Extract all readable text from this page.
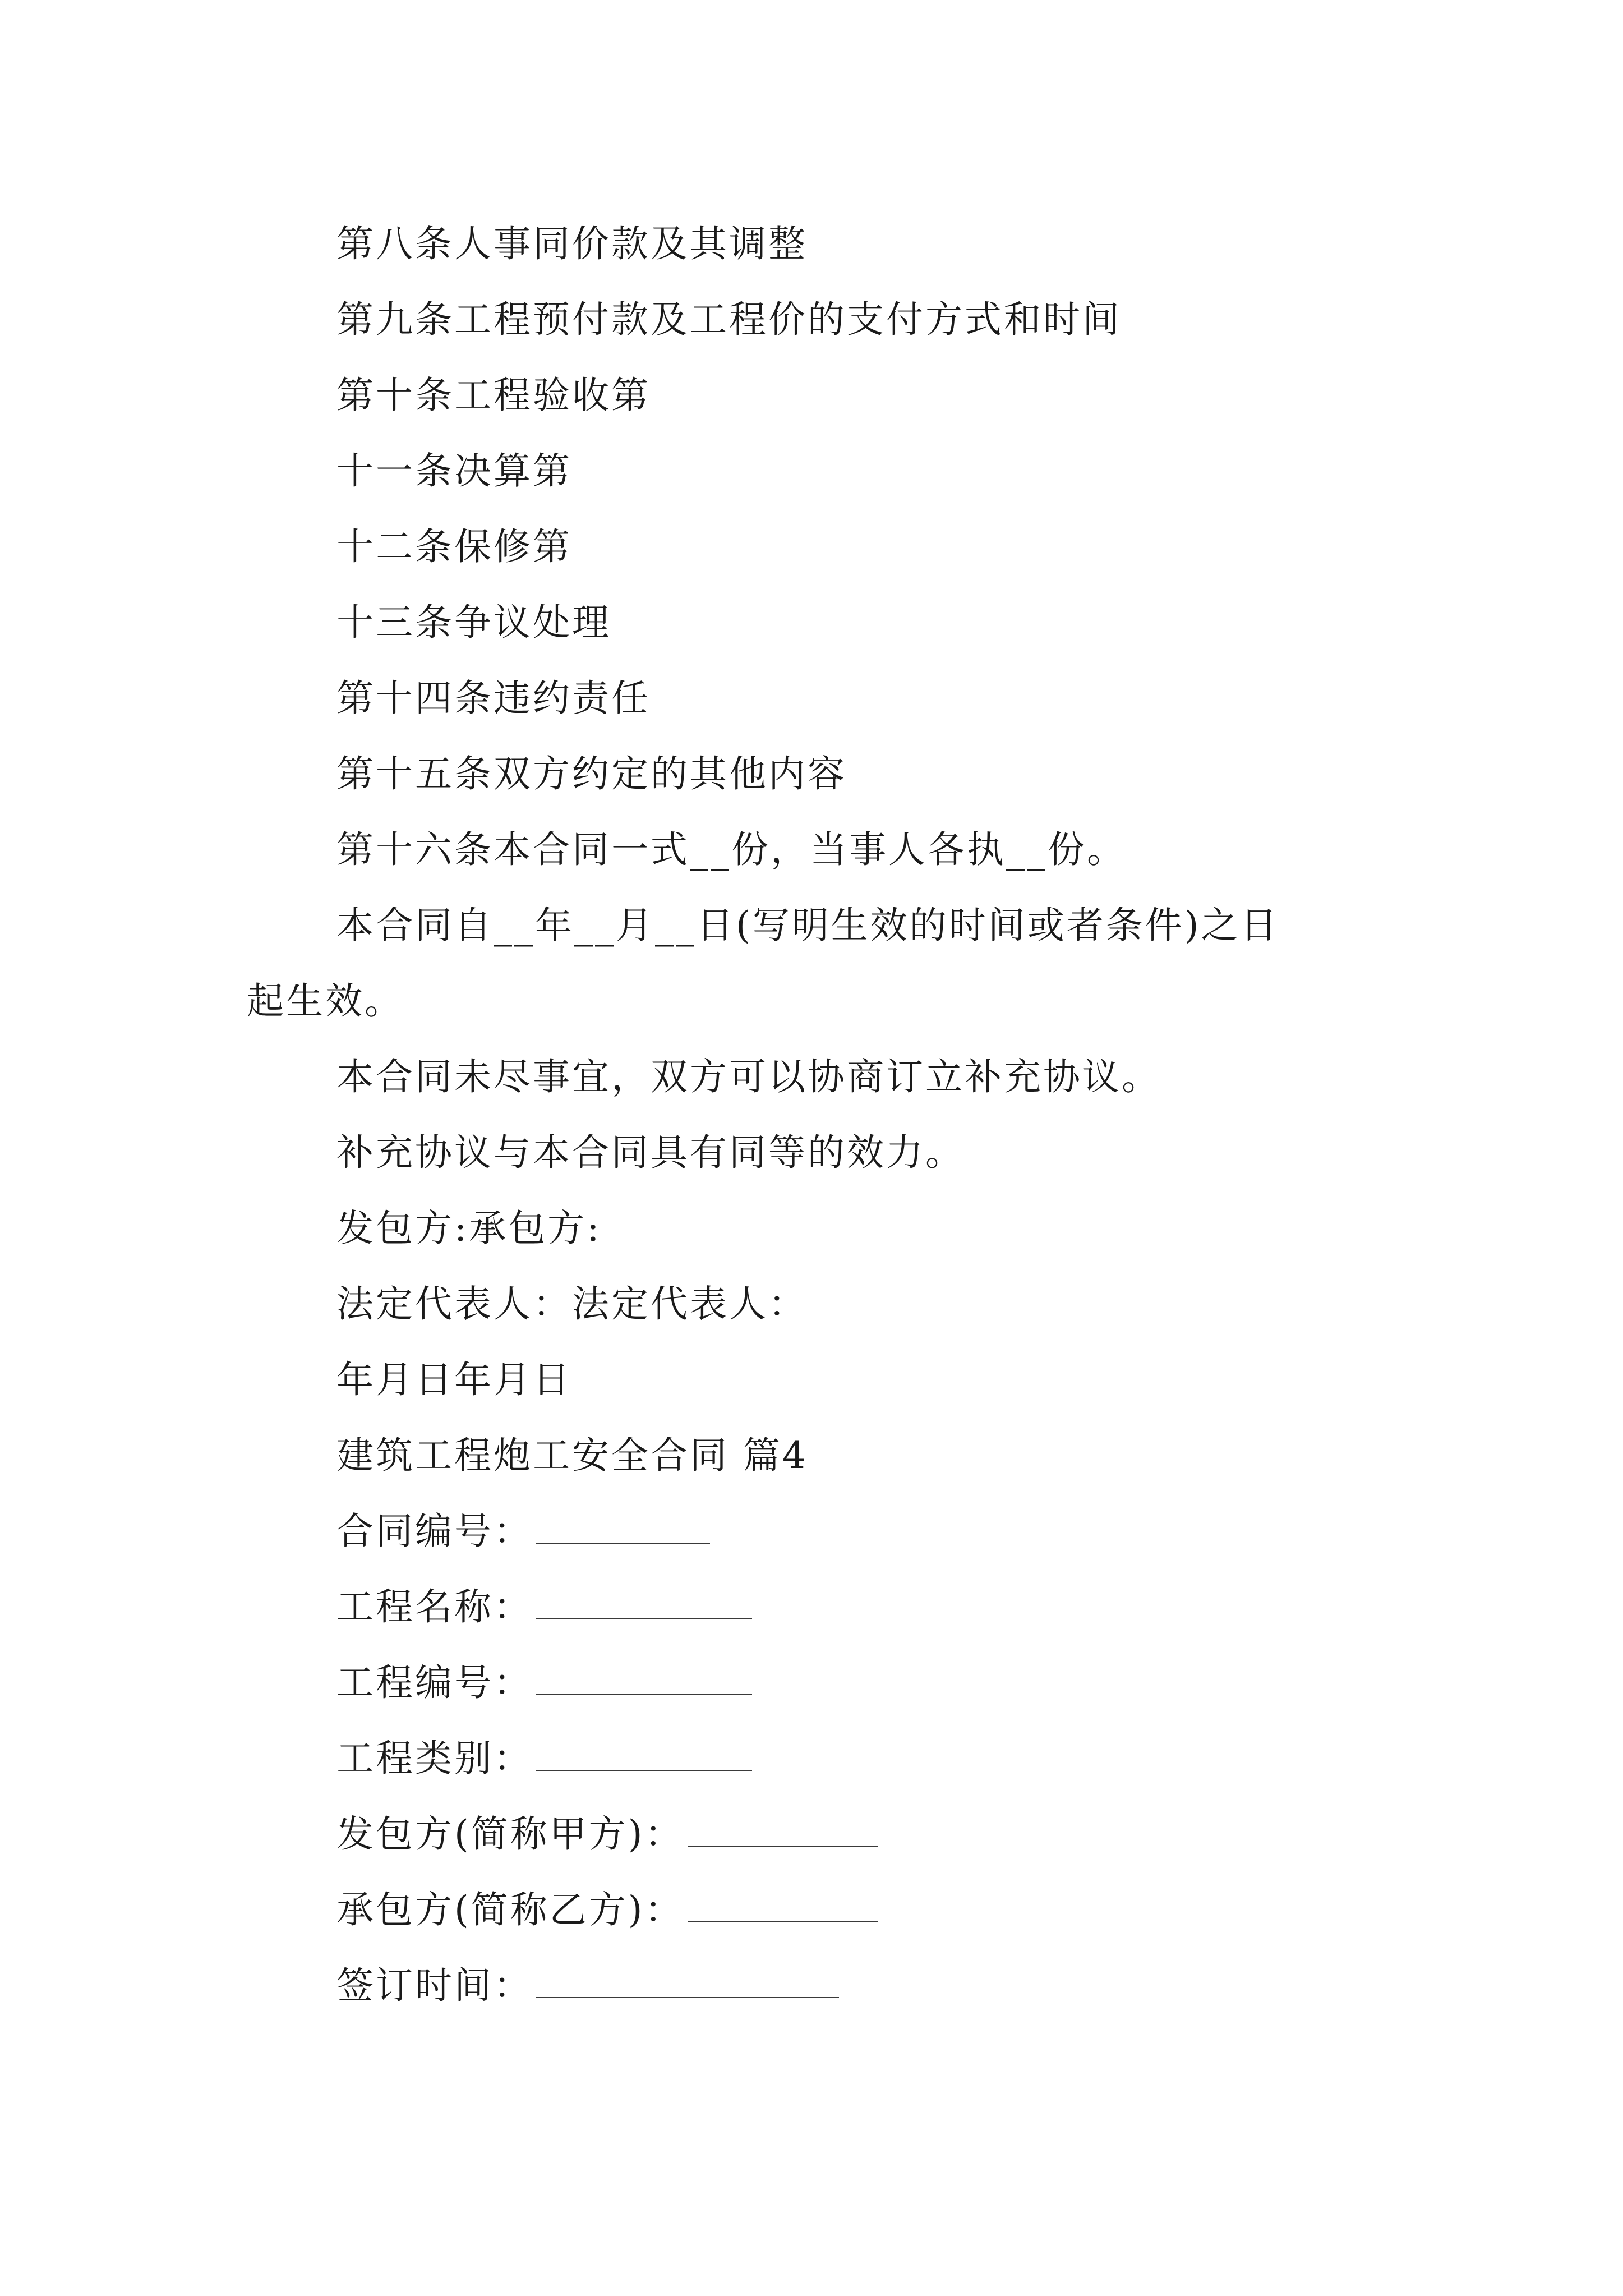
第八条人事同价款及其调整
第九条工程预付款及工程价的支付方式和时间
第十条工程验收第
十一条决算第
十二条保修第
十三条争议处理
第十四条违约责任
第十五条双方约定的其他内容
第十六条本合同一式__份，当事人各执__份。
本合同自__年__月__日(写明生效的时间或者条件)之日
起生效。
本合同未尽事宜，双方可以协商订立补充协议。
补充协议与本合同具有同等的效力。
发包方:承包方:
法定代表人：法定代表人：
年月日年月日
建筑工程炮工安全合同 篇4
合同编号：
工程名称：
工程编号：
工程类别：
发包方(简称甲方)：
承包方(简称乙方)：
签订时间：
